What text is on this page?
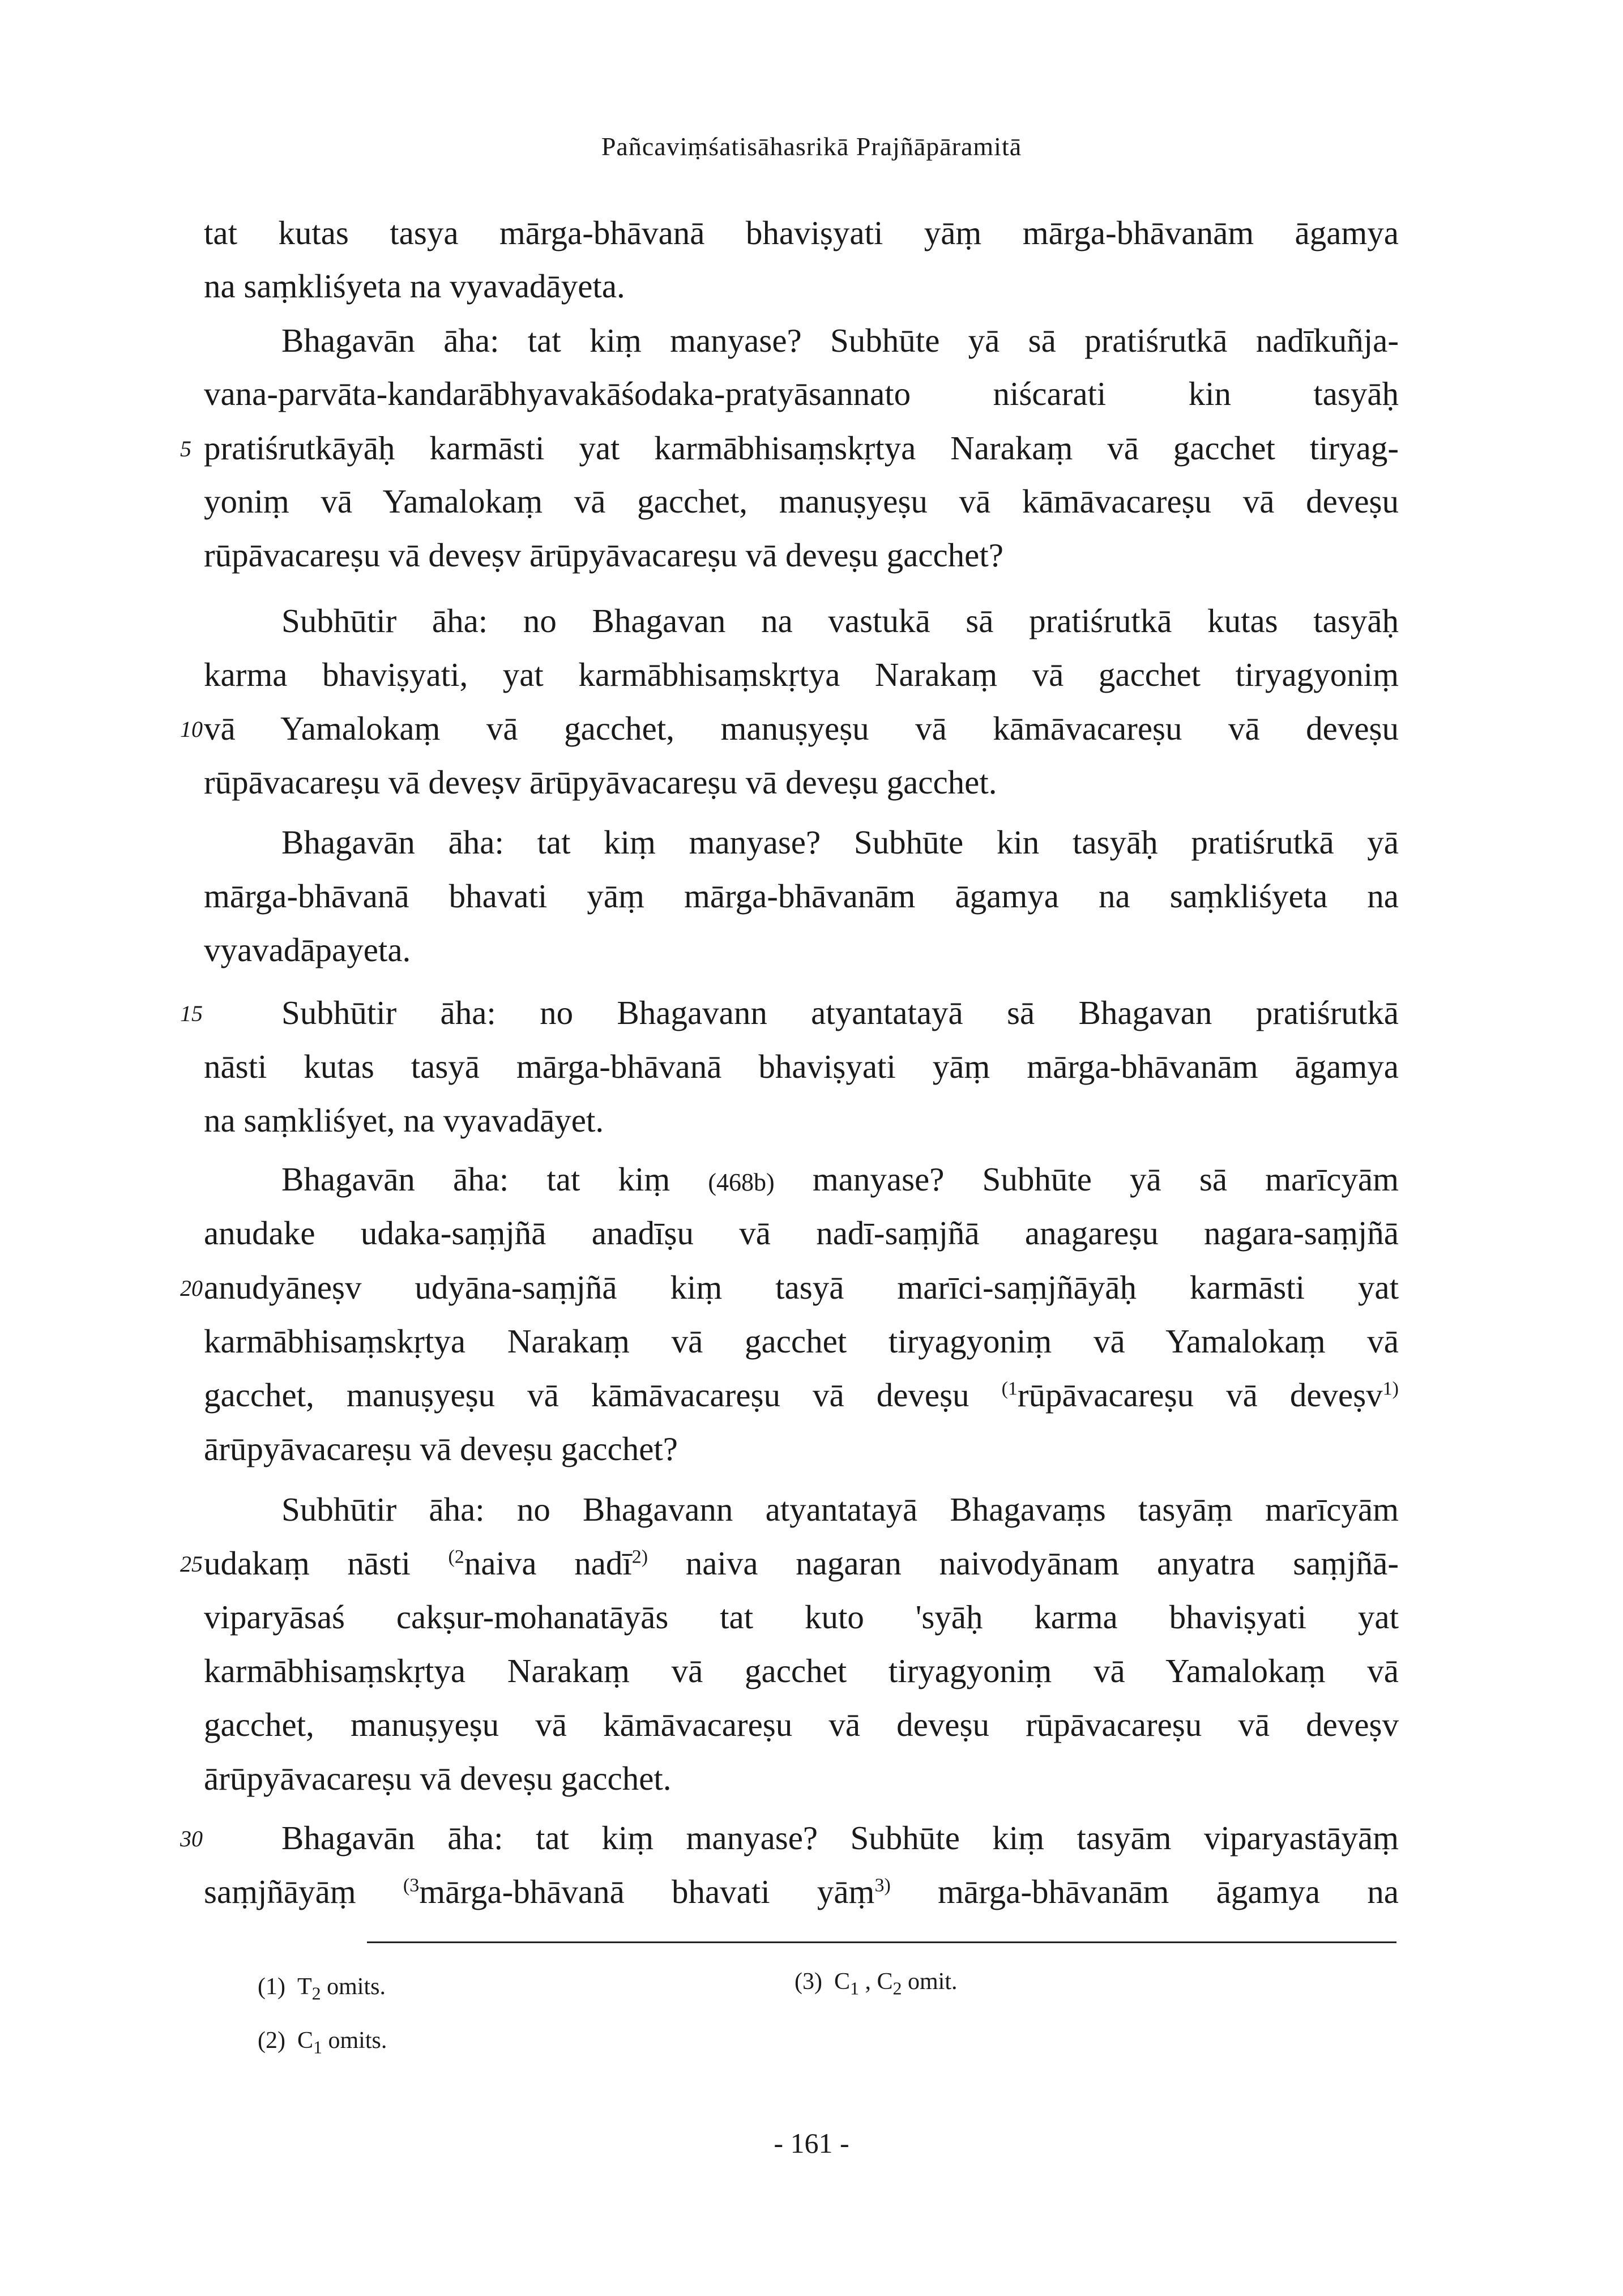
Pañcaviṃśatisāhasrikā Prajñāpāramitā
tat kutas tasya mārga-bhāvanā bhaviṣyati yāṃ mārga-bhāvanām āgamya
na saṃkliśyeta na vyavadāyeta.
Bhagavān āha: tat kiṃ manyase? Subhūte yā sā pratiśrutkā nadīkuñja-
vana-parvāta-kandarābhyavakāśodaka-pratyāsannato niścarati kin tasyāḥ
5 pratiśrutkāyāḥ karmāsti yat karmābhisaṃskṛtya Narakaṃ vā gacchet tiryag-
yoniṃ vā Yamalokaṃ vā gacchet, manuṣyeṣu vā kāmāvacareṣu vā deveṣu
rūpāvacareṣu vā deveṣv ārūpyāvacareṣu vā deveṣu gacchet?
Subhūtir āha: no Bhagavan na vastukā sā pratiśrutkā kutas tasyāḥ
karma bhaviṣyati, yat karmābhisaṃskṛtya Narakaṃ vā gacchet tiryagyoniṃ
10 vā Yamalokaṃ vā gacchet, manuṣyeṣu vā kāmāvacareṣu vā deveṣu
rūpāvacareṣu vā deveṣv ārūpyāvacareṣu vā deveṣu gacchet.
Bhagavān āha: tat kiṃ manyase? Subhūte kin tasyāḥ pratiśrutkā yā
mārga-bhāvanā bhavati yāṃ mārga-bhāvanām āgamya na saṃkliśyeta na
vyavadāpayeta.
15 Subhūtir āha: no Bhagavann atyantatayā sā Bhagavan pratiśrutkā
nāsti kutas tasyā mārga-bhāvanā bhaviṣyati yāṃ mārga-bhāvanām āgamya
na saṃkliśyet, na vyavadāyet.
Bhagavān āha: tat kiṃ (468b) manyase? Subhūte yā sā marīcyām
anudake udaka-saṃjñā anadīṣu vā nadī-saṃjñā anagareṣu nagara-saṃjñā
20 anudyāneṣv udyāna-saṃjñā kiṃ tasyā marīci-saṃjñāyāḥ karmāsti yat
karmābhisaṃskṛtya Narakaṃ vā gacchet tiryagyoniṃ vā Yamalokaṃ vā
gacchet, manuṣyeṣu vā kāmāvacareṣu vā deveṣu $^{(1}$rūpāvacareṣu vā deveṣv$^{1)}$
ārūpyāvacareṣu vā deveṣu gacchet?
Subhūtir āha: no Bhagavann atyantatayā Bhagavaṃs tasyāṃ marīcyām
25 udakaṃ nāsti $^{(2}$naiva nadī$^{2)}$ naiva nagaran naivodyānam anyatra saṃjñā-
viparyāsaś cakṣur-mohanatāyās tat kuto 'syāḥ karma bhaviṣyati yat
karmābhisaṃskṛtya Narakaṃ vā gacchet tiryagyoniṃ vā Yamalokaṃ vā
gacchet, manuṣyeṣu vā kāmāvacareṣu vā deveṣu rūpāvacareṣu vā deveṣv
ārūpyāvacareṣu vā deveṣu gacchet.
30 Bhagavān āha: tat kiṃ manyase? Subhūte kiṃ tasyām viparyastāyāṃ
saṃjñāyāṃ $^{(3}$mārga-bhāvanā bhavati yāṃ$^{3)}$ mārga-bhāvanām āgamya na
(1) $T_2$ omits.	(3) $C_1$ , $C_2$ omit.
(2) $C_1$ omits.
- 161 -
